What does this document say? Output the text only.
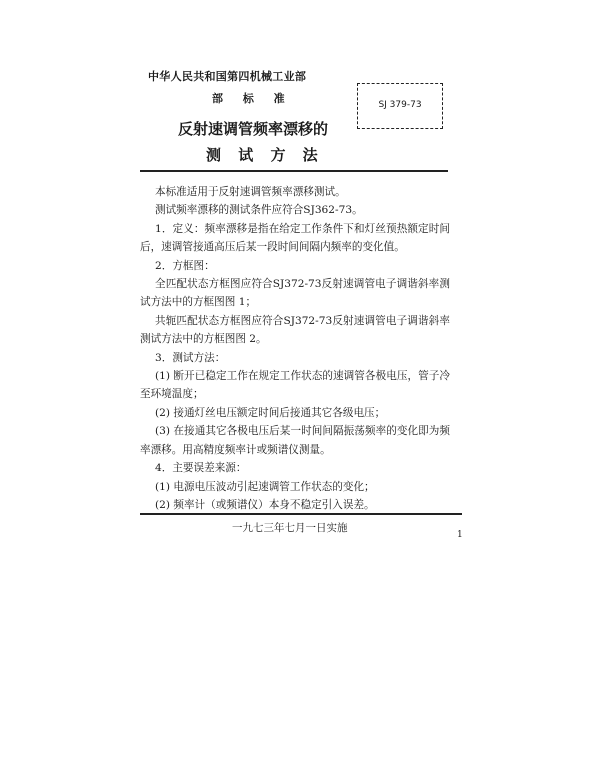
中华人民共和国第四机械工业部
部 标 准
反射速调管频率漂移的
测 试 方 法
SJ 379-73

本标准适用于反射速调管频率漂移测试。

测试频率漂移的测试条件应符合SJ362-73。

1．定义：频率漂移是指在给定工作条件下和灯丝预热额定时间后，速调管接通高压后某一段时间间隔内频率的变化值。

2．方框图：

全匹配状态方框图应符合SJ372-73反射速调管电子调谐斜率测试方法中的方框图图 1；

共轭匹配状态方框图应符合SJ372-73反射速调管电子调谐斜率测试方法中的方框图图 2。

3．测试方法：

(1) 断开已稳定工作在规定工作状态的速调管各极电压，管子冷至环境温度；

(2) 接通灯丝电压额定时间后接通其它各级电压；

(3) 在接通其它各极电压后某一时间间隔振荡频率的变化即为频率漂移。用高精度频率计或频谱仪测量。

4．主要误差来源：

(1) 电源电压波动引起速调管工作状态的变化；

(2) 频率计（或频谱仪）本身不稳定引入误差。

一九七三年七月一日实施
1
